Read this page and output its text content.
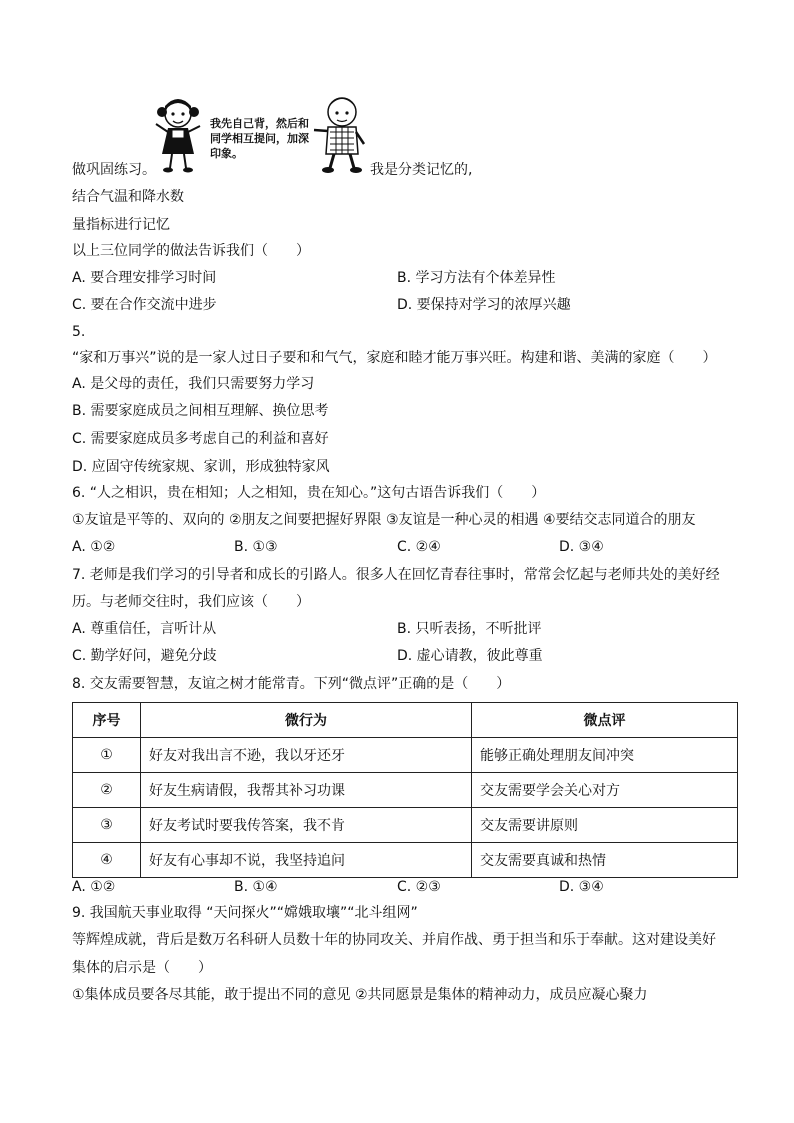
我先自己背，然后和同学相互提问，加深印象。
做巩固练习。	我是分类记忆的,
结合气温和降水数
量指标进行记忆
以上三位同学的做法告诉我们（　　）
A. 要合理安排学习时间	B. 学习方法有个体差异性
C. 要在合作交流中进步	D. 要保持对学习的浓厚兴趣
5.
“家和万事兴”说的是一家人过日子要和和气气，家庭和睦才能万事兴旺。构建和谐、美满的家庭（　　）
A. 是父母的责任，我们只需要努力学习
B. 需要家庭成员之间相互理解、换位思考
C. 需要家庭成员多考虑自己的利益和喜好
D. 应固守传统家规、家训，形成独特家风
6. “人之相识，贵在相知；人之相知，贵在知心。”这句古语告诉我们（　　）
①友谊是平等的、双向的 ②朋友之间要把握好界限 ③友谊是一种心灵的相遇 ④要结交志同道合的朋友
A. ①②	B. ①③	C. ②④	D. ③④
7. 老师是我们学习的引导者和成长的引路人。很多人在回忆青春往事时，常常会忆起与老师共处的美好经
历。与老师交往时，我们应该（　　）
A. 尊重信任，言听计从	B. 只听表扬，不听批评
C. 勤学好问，避免分歧	D. 虚心请教，彼此尊重
8. 交友需要智慧，友谊之树才能常青。下列“微点评”正确的是（　　）
序号	微行为	微点评
①	好友对我出言不逊，我以牙还牙	能够正确处理朋友间冲突
②	好友生病请假，我帮其补习功课	交友需要学会关心对方
③	好友考试时要我传答案，我不肯	交友需要讲原则
④	好友有心事却不说，我坚持追问	交友需要真诚和热情
A. ①②	B. ①④	C. ②③	D. ③④
9. 我国航天事业取得 “天问探火”“嫦娥取壤”“北斗组网”
等辉煌成就，背后是数万名科研人员数十年的协同攻关、并肩作战、勇于担当和乐于奉献。这对建设美好
集体的启示是（　　）
①集体成员要各尽其能，敢于提出不同的意见 ②共同愿景是集体的精神动力，成员应凝心聚力
